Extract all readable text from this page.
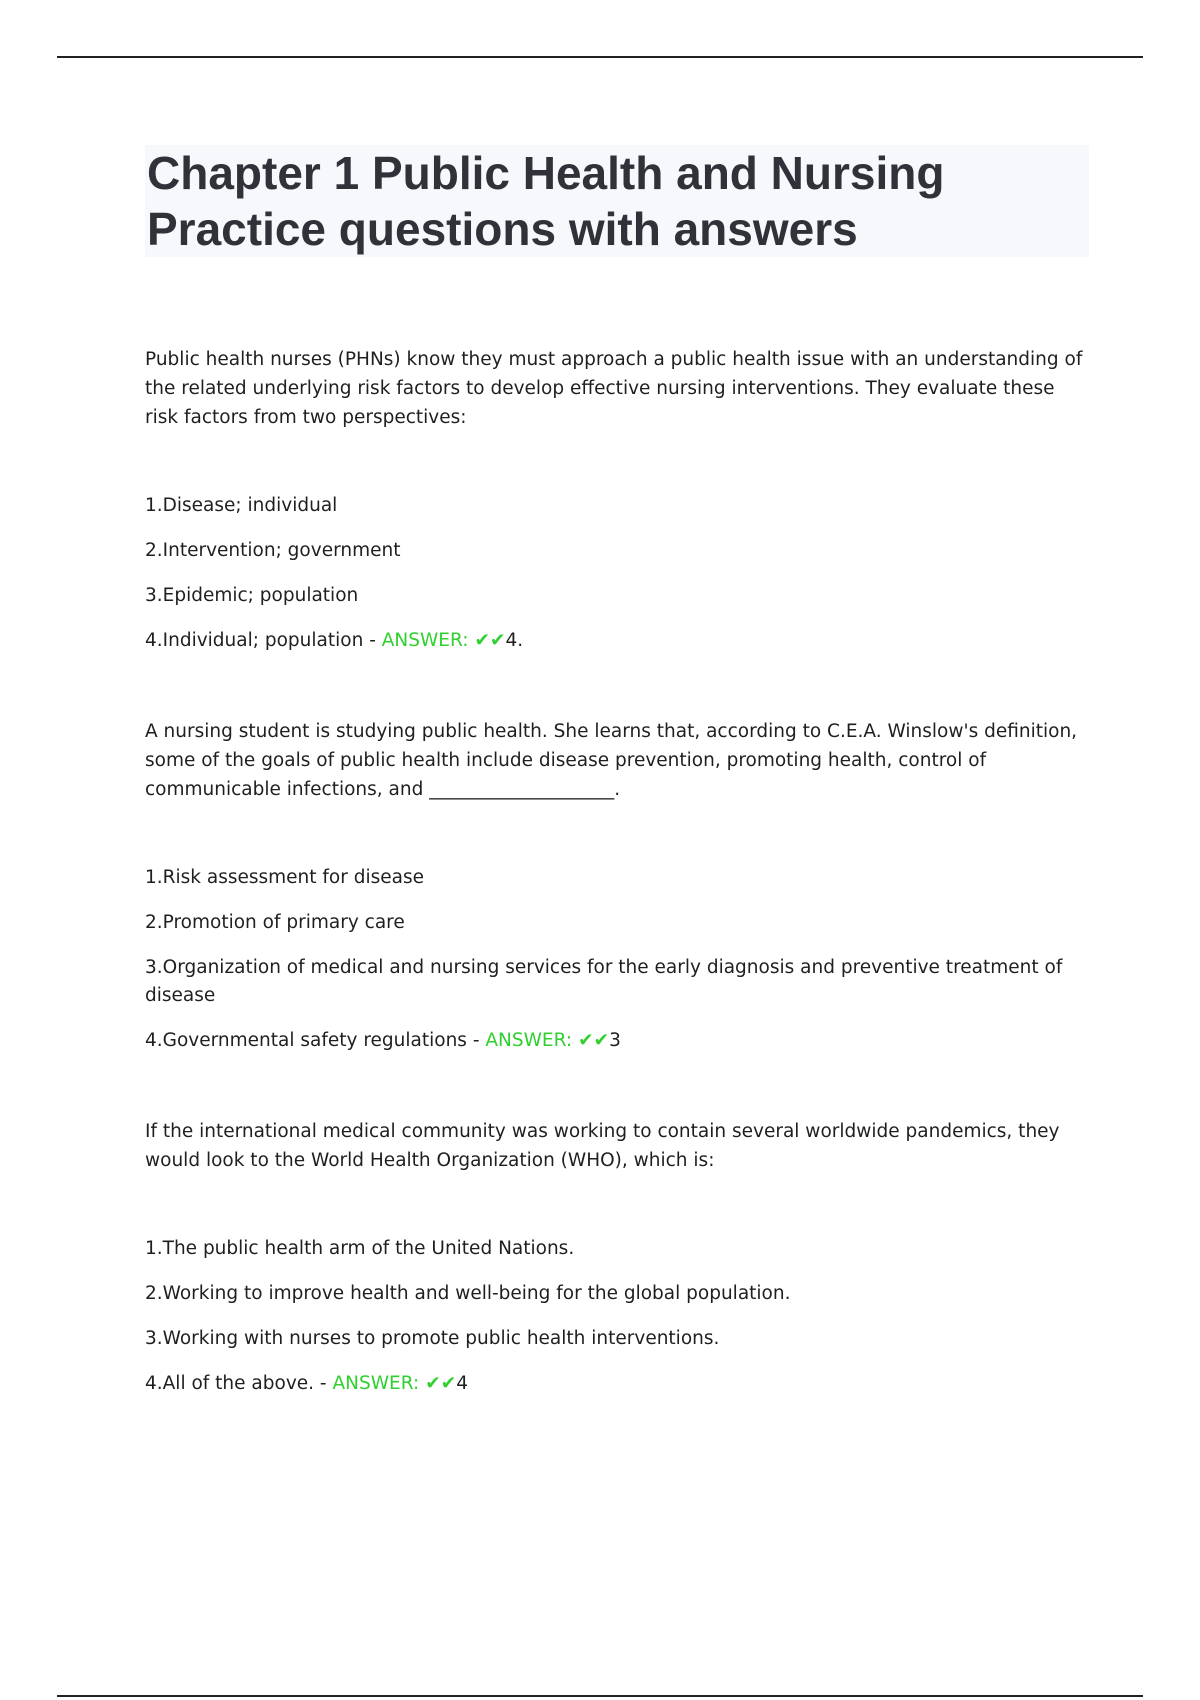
Chapter 1 Public Health and Nursing Practice questions with answers

Public health nurses (PHNs) know they must approach a public health issue with an understanding of the related underlying risk factors to develop effective nursing interventions. They evaluate these risk factors from two perspectives:

1.Disease; individual
2.Intervention; government
3.Epidemic; population
4.Individual; population - ANSWER: ✔✔4.

A nursing student is studying public health. She learns that, according to C.E.A. Winslow's definition, some of the goals of public health include disease prevention, promoting health, control of communicable infections, and ____________________.

1.Risk assessment for disease
2.Promotion of primary care
3.Organization of medical and nursing services for the early diagnosis and preventive treatment of disease
4.Governmental safety regulations - ANSWER: ✔✔3

If the international medical community was working to contain several worldwide pandemics, they would look to the World Health Organization (WHO), which is:

1.The public health arm of the United Nations.
2.Working to improve health and well-being for the global population.
3.Working with nurses to promote public health interventions.
4.All of the above. - ANSWER: ✔✔4
